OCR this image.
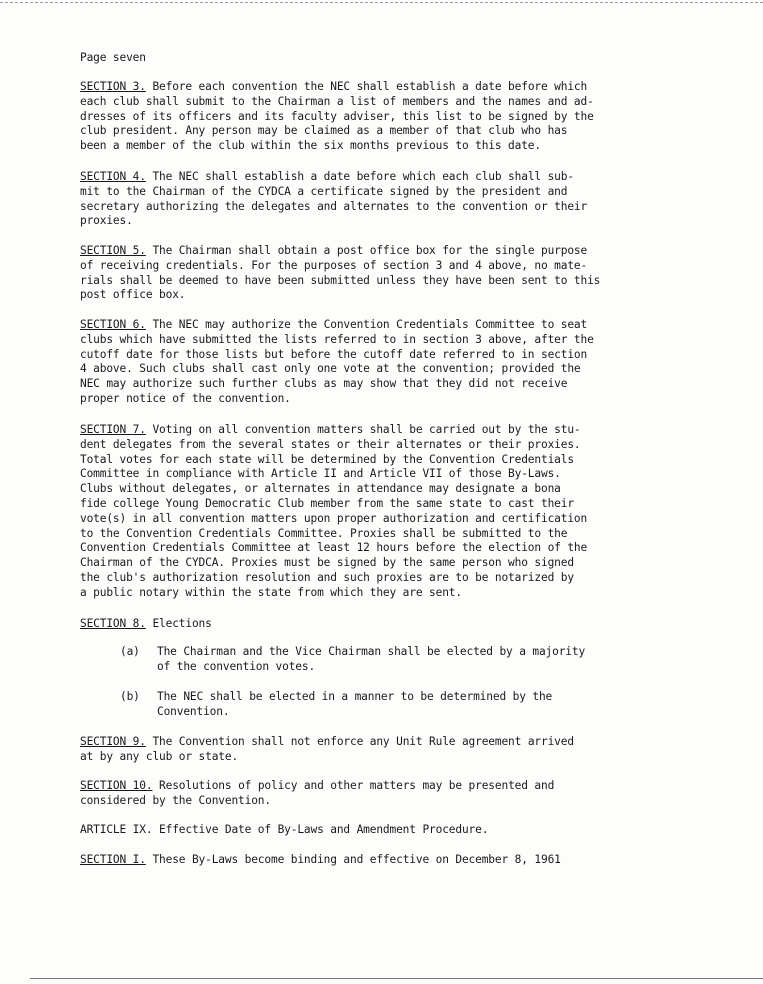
Page seven

SECTION 3. Before each convention the NEC shall establish a date before which
each club shall submit to the Chairman a list of members and the names and ad-
dresses of its officers and its faculty adviser, this list to be signed by the
club president. Any person may be claimed as a member of that club who has
been a member of the club within the six months previous to this date.

SECTION 4. The NEC shall establish a date before which each club shall sub-
mit to the Chairman of the CYDCA a certificate signed by the president and
secretary authorizing the delegates and alternates to the convention or their
proxies.

SECTION 5. The Chairman shall obtain a post office box for the single purpose
of receiving credentials. For the purposes of section 3 and 4 above, no mate-
rials shall be deemed to have been submitted unless they have been sent to this
post office box.

SECTION 6. The NEC may authorize the Convention Credentials Committee to seat
clubs which have submitted the lists referred to in section 3 above, after the
cutoff date for those lists but before the cutoff date referred to in section
4 above. Such clubs shall cast only one vote at the convention; provided the
NEC may authorize such further clubs as may show that they did not receive
proper notice of the convention.

SECTION 7. Voting on all convention matters shall be carried out by the stu-
dent delegates from the several states or their alternates or their proxies.
Total votes for each state will be determined by the Convention Credentials
Committee in compliance with Article II and Article VII of those By-Laws.
Clubs without delegates, or alternates in attendance may designate a bona
fide college Young Democratic Club member from the same state to cast their
vote(s) in all convention matters upon proper authorization and certification
to the Convention Credentials Committee. Proxies shall be submitted to the
Convention Credentials Committee at least 12 hours before the election of the
Chairman of the CYDCA. Proxies must be signed by the same person who signed
the club's authorization resolution and such proxies are to be notarized by
a public notary within the state from which they are sent.

SECTION 8. Elections

(a) The Chairman and the Vice Chairman shall be elected by a majority
of the convention votes.

(b) The NEC shall be elected in a manner to be determined by the
Convention.

SECTION 9. The Convention shall not enforce any Unit Rule agreement arrived
at by any club or state.

SECTION 10. Resolutions of policy and other matters may be presented and
considered by the Convention.

ARTICLE IX. Effective Date of By-Laws and Amendment Procedure.

SECTION I. These By-Laws become binding and effective on December 8, 1961
